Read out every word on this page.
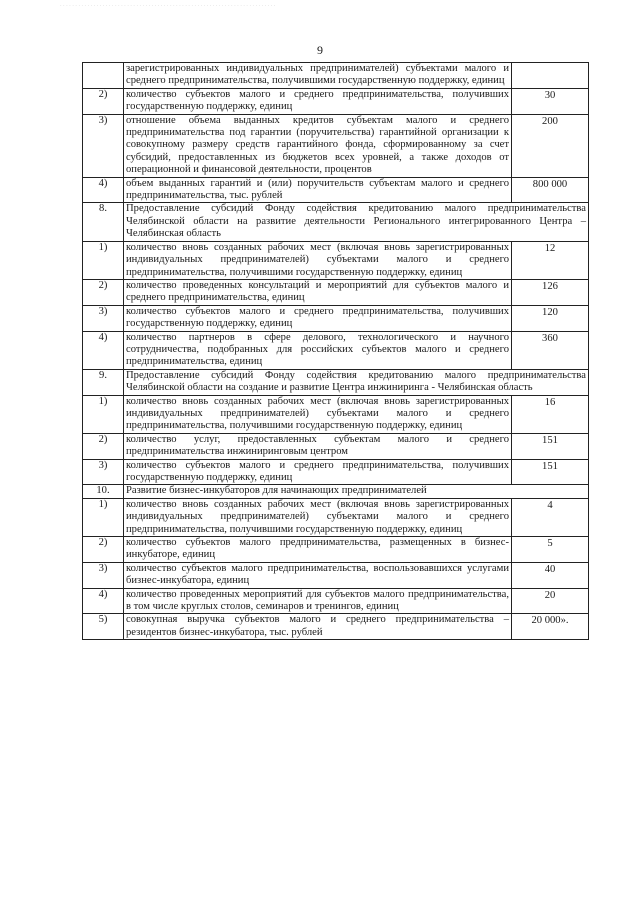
· · · · · · · · · · · · · · · · · · · · · · · · · · · · · · · · · · · · · · · · · · · · · · · · · · · · · · · · · · · · · · · · · · · · · · ·
9
	зарегистрированных индивидуальных предпринимателей) субъектами малого и среднего предпринимательства, получившими государственную поддержку, единиц	
2)	количество субъектов малого и среднего предпринимательства, получивших государственную поддержку, единиц	30
3)	отношение объема выданных кредитов субъектам малого и среднего предпринимательства под гарантии (поручительства) гарантийной организации к совокупному размеру средств гарантийного фонда, сформированному за счет субсидий, предоставленных из бюджетов всех уровней, а также доходов от операционной и финансовой деятельности, процентов	200
4)	объем выданных гарантий и (или) поручительств субъектам малого и среднего предпринимательства, тыс. рублей	800 000
8.	Предоставление субсидий Фонду содействия кредитованию малого предпринимательства Челябинской области на развитие деятельности Регионального интегрированного Центра – Челябинская область	
1)	количество вновь созданных рабочих мест (включая вновь зарегистрированных индивидуальных предпринимателей) субъектами малого и среднего предпринимательства, получившими государственную поддержку, единиц	12
2)	количество проведенных консультаций и мероприятий для субъектов малого и среднего предпринимательства, единиц	126
3)	количество субъектов малого и среднего предпринимательства, получивших государственную поддержку, единиц	120
4)	количество партнеров в сфере делового, технологического и научного сотрудничества, подобранных для российских субъектов малого и среднего предпринимательства, единиц	360
9.	Предоставление субсидий Фонду содействия кредитованию малого предпринимательства Челябинской области на создание и развитие Центра инжиниринга - Челябинская область	
1)	количество вновь созданных рабочих мест (включая вновь зарегистрированных индивидуальных предпринимателей) субъектами малого и среднего предпринимательства, получившими государственную поддержку, единиц	16
2)	количество услуг, предоставленных субъектам малого и среднего предпринимательства инжиниринговым центром	151
3)	количество субъектов малого и среднего предпринимательства, получивших государственную поддержку, единиц	151
10.	Развитие бизнес-инкубаторов для начинающих предпринимателей	
1)	количество вновь созданных рабочих мест (включая вновь зарегистрированных индивидуальных предпринимателей) субъектами малого и среднего предпринимательства, получившими государственную поддержку, единиц	4
2)	количество субъектов малого предпринимательства, размещенных в бизнес-инкубаторе, единиц	5
3)	количество субъектов малого предпринимательства, воспользовавшихся услугами бизнес-инкубатора, единиц	40
4)	количество проведенных мероприятий для субъектов малого предпринимательства, в том числе круглых столов, семинаров и тренингов, единиц	20
5)	совокупная выручка субъектов малого и среднего предпринимательства – резидентов бизнес-инкубатора, тыс. рублей	20 000».
